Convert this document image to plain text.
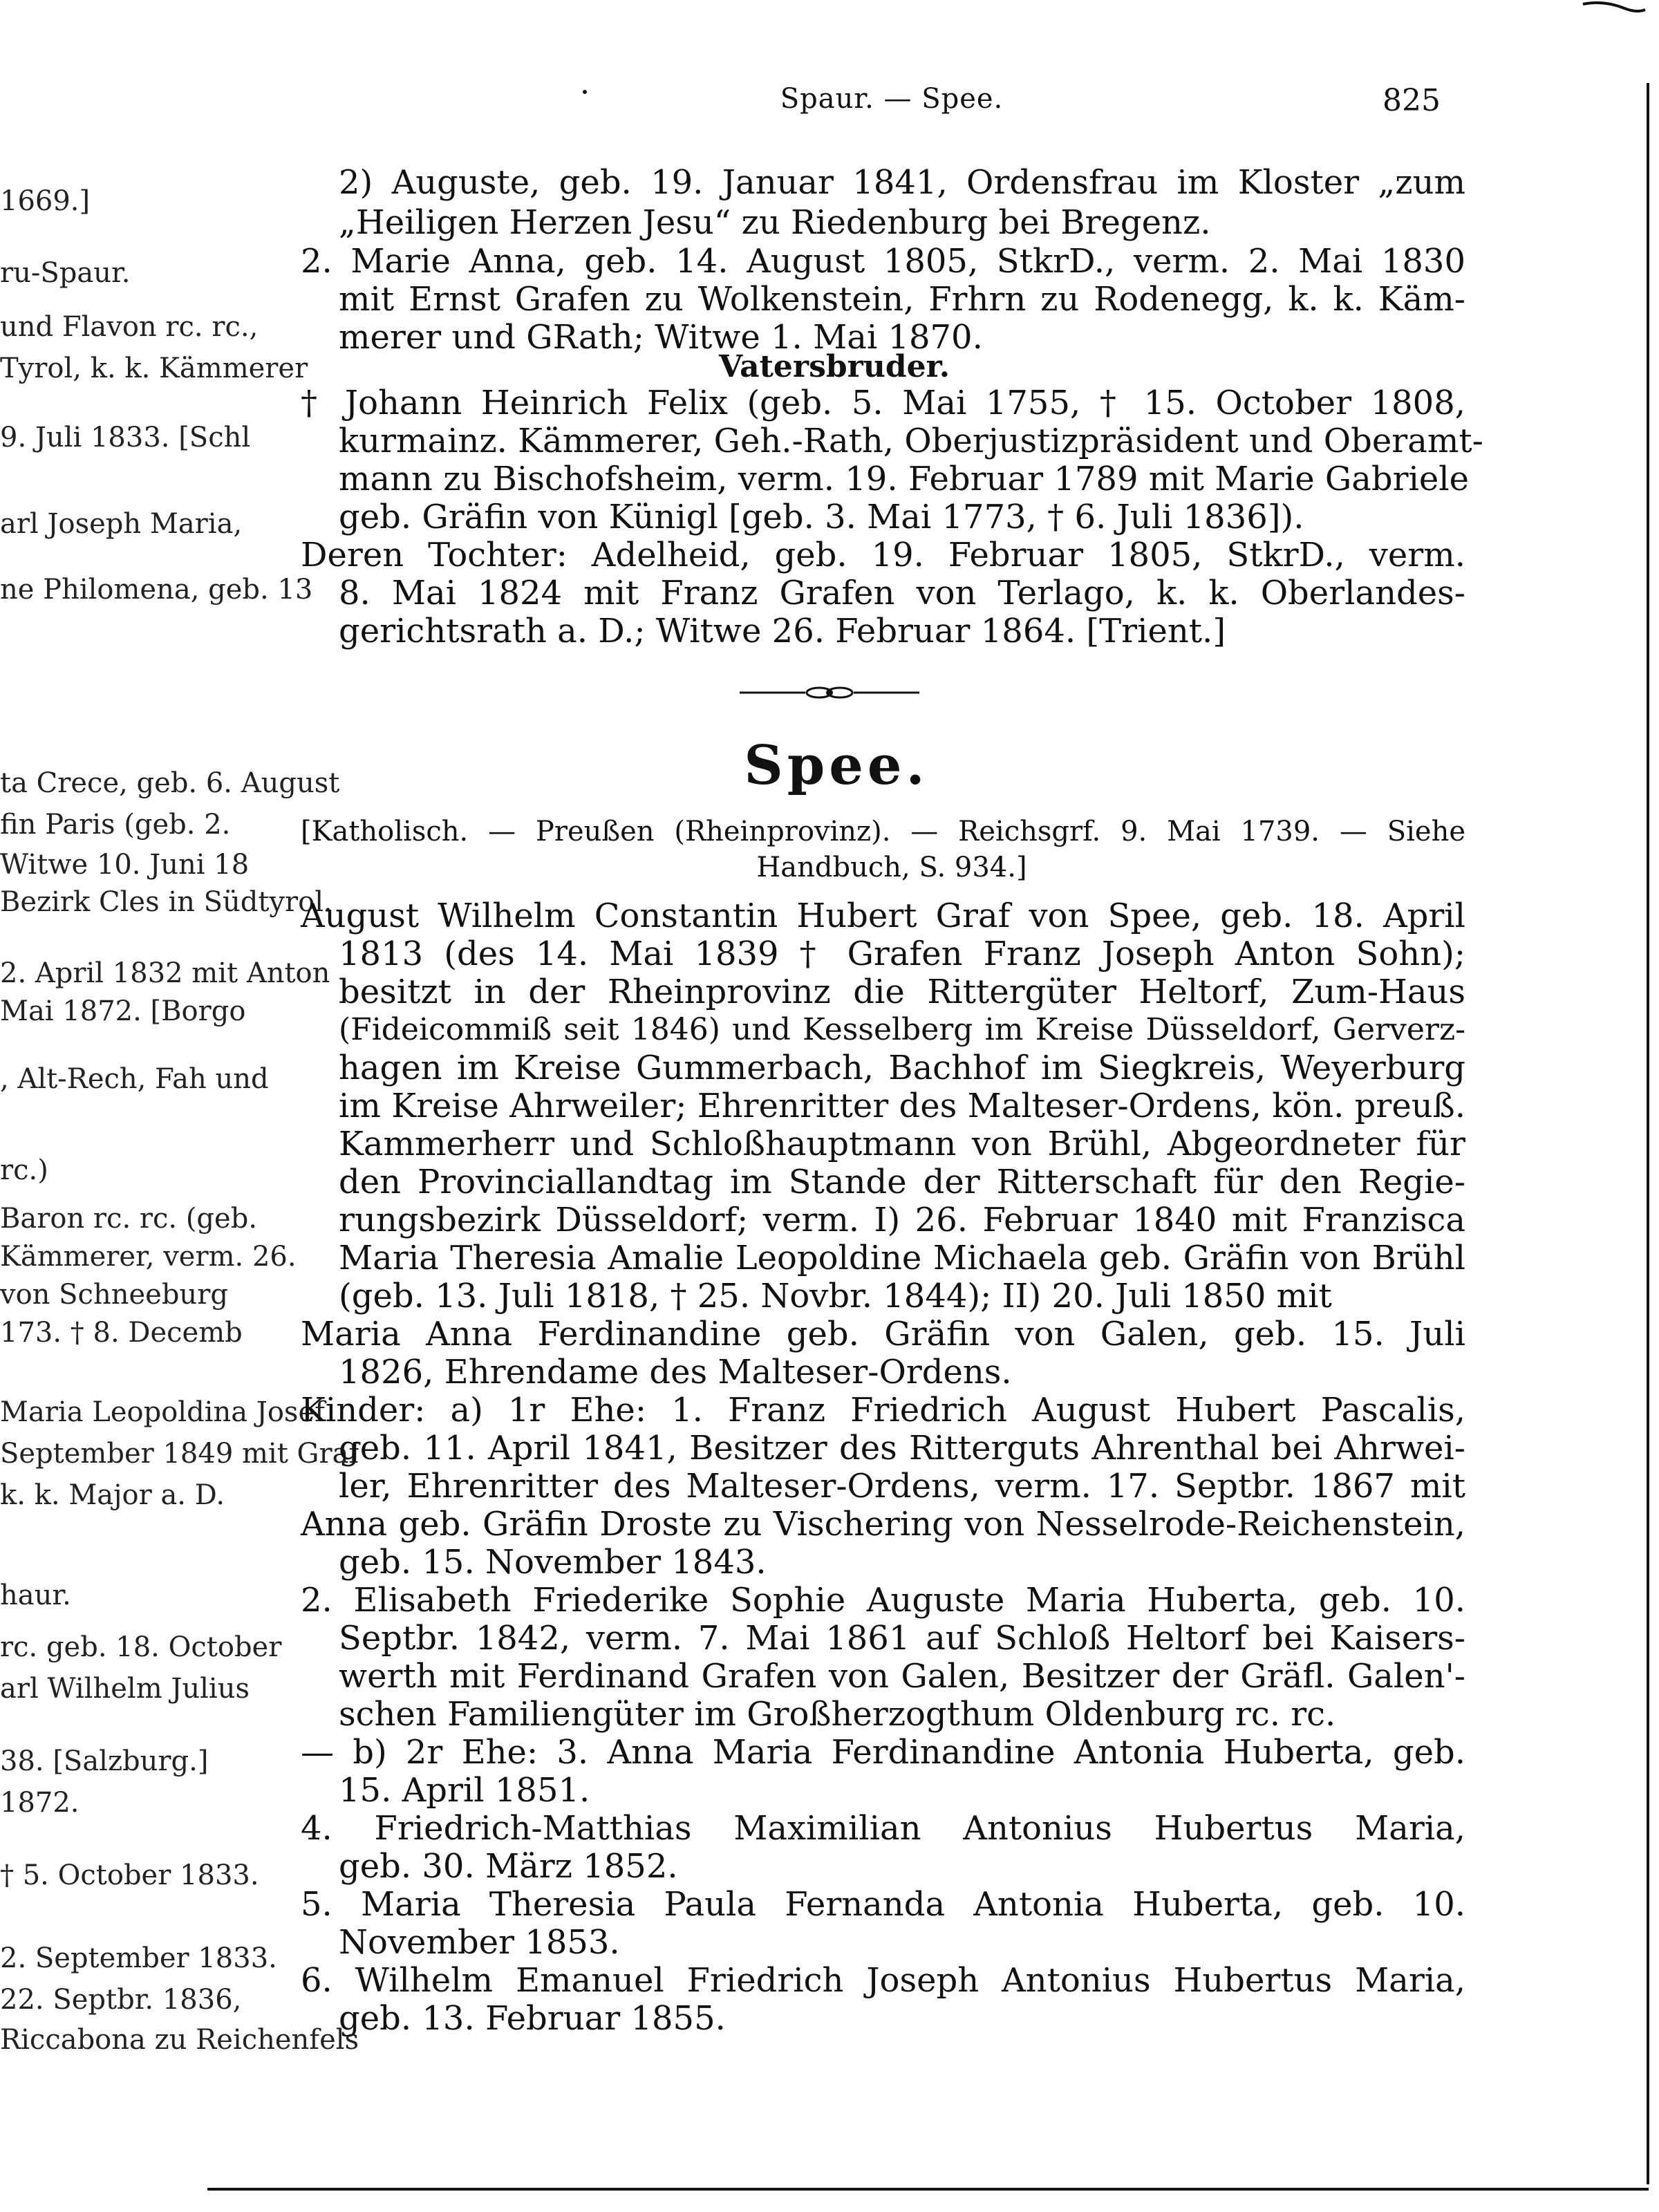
1669.]
ru-Spaur.
und Flavon rc. rc.,
Tyrol, k. k. Kämmerer
9. Juli 1833. [Schl
arl Joseph Maria,
ne Philomena, geb. 13
ta Crece, geb. 6. August
fin Paris (geb. 2.
Witwe 10. Juni 18
Bezirk Cles in Südtyrol.
2. April 1832 mit Anton
Mai 1872. [Borgo
, Alt-Rech, Fah und
rc.)
Baron rc. rc. (geb.
Kämmerer, verm. 26.
von Schneeburg
173. † 8. Decemb
Maria Leopoldina Josef
September 1849 mit Graf
k. k. Major a. D.
haur.
rc. geb. 18. October
arl Wilhelm Julius
38. [Salzburg.]
1872.
† 5. October 1833.
2. September 1833.
22. Septbr. 1836,
Riccabona zu Reichenfels
Spaur. — Spee.	825
2) Auguste, geb. 19. Januar 1841, Ordensfrau im Kloster „zum
„Heiligen Herzen Jesu“ zu Riedenburg bei Bregenz.
2. Marie Anna, geb. 14. August 1805, StkrD., verm. 2. Mai 1830
mit Ernst Grafen zu Wolkenstein, Frhrn zu Rodenegg, k. k. Käm-
merer und GRath; Witwe 1. Mai 1870.
Vatersbruder.
† Johann Heinrich Felix (geb. 5. Mai 1755, † 15. October 1808,
kurmainz. Kämmerer, Geh.-Rath, Oberjustizpräsident und Oberamt-
mann zu Bischofsheim, verm. 19. Februar 1789 mit Marie Gabriele
geb. Gräfin von Künigl [geb. 3. Mai 1773, † 6. Juli 1836]).
Deren Tochter: Adelheid, geb. 19. Februar 1805, StkrD., verm.
8. Mai 1824 mit Franz Grafen von Terlago, k. k. Oberlandes-
gerichtsrath a. D.; Witwe 26. Februar 1864. [Trient.]
Spee.
[Katholisch. — Preußen (Rheinprovinz). — Reichsgrf. 9. Mai 1739. — Siehe
Handbuch, S. 934.]
August Wilhelm Constantin Hubert Graf von Spee, geb. 18. April
1813 (des 14. Mai 1839 † Grafen Franz Joseph Anton Sohn);
besitzt in der Rheinprovinz die Rittergüter Heltorf, Zum-Haus
(Fideicommiß seit 1846) und Kesselberg im Kreise Düsseldorf, Gerverz-
hagen im Kreise Gummerbach, Bachhof im Siegkreis, Weyerburg
im Kreise Ahrweiler; Ehrenritter des Malteser-Ordens, kön. preuß.
Kammerherr und Schloßhauptmann von Brühl, Abgeordneter für
den Provinciallandtag im Stande der Ritterschaft für den Regie-
rungsbezirk Düsseldorf; verm. I) 26. Februar 1840 mit Franzisca
Maria Theresia Amalie Leopoldine Michaela geb. Gräfin von Brühl
(geb. 13. Juli 1818, † 25. Novbr. 1844); II) 20. Juli 1850 mit
Maria Anna Ferdinandine geb. Gräfin von Galen, geb. 15. Juli
1826, Ehrendame des Malteser-Ordens.
Kinder: a) 1r Ehe: 1. Franz Friedrich August Hubert Pascalis,
geb. 11. April 1841, Besitzer des Ritterguts Ahrenthal bei Ahrwei-
ler, Ehrenritter des Malteser-Ordens, verm. 17. Septbr. 1867 mit
Anna geb. Gräfin Droste zu Vischering von Nesselrode-Reichenstein,
geb. 15. November 1843.
2. Elisabeth Friederike Sophie Auguste Maria Huberta, geb. 10.
Septbr. 1842, verm. 7. Mai 1861 auf Schloß Heltorf bei Kaisers-
werth mit Ferdinand Grafen von Galen, Besitzer der Gräfl. Galen'-
schen Familiengüter im Großherzogthum Oldenburg rc. rc.
— b) 2r Ehe: 3. Anna Maria Ferdinandine Antonia Huberta, geb.
15. April 1851.
4. Friedrich-Matthias Maximilian Antonius Hubertus Maria,
geb. 30. März 1852.
5. Maria Theresia Paula Fernanda Antonia Huberta, geb. 10.
November 1853.
6. Wilhelm Emanuel Friedrich Joseph Antonius Hubertus Maria,
geb. 13. Februar 1855.
